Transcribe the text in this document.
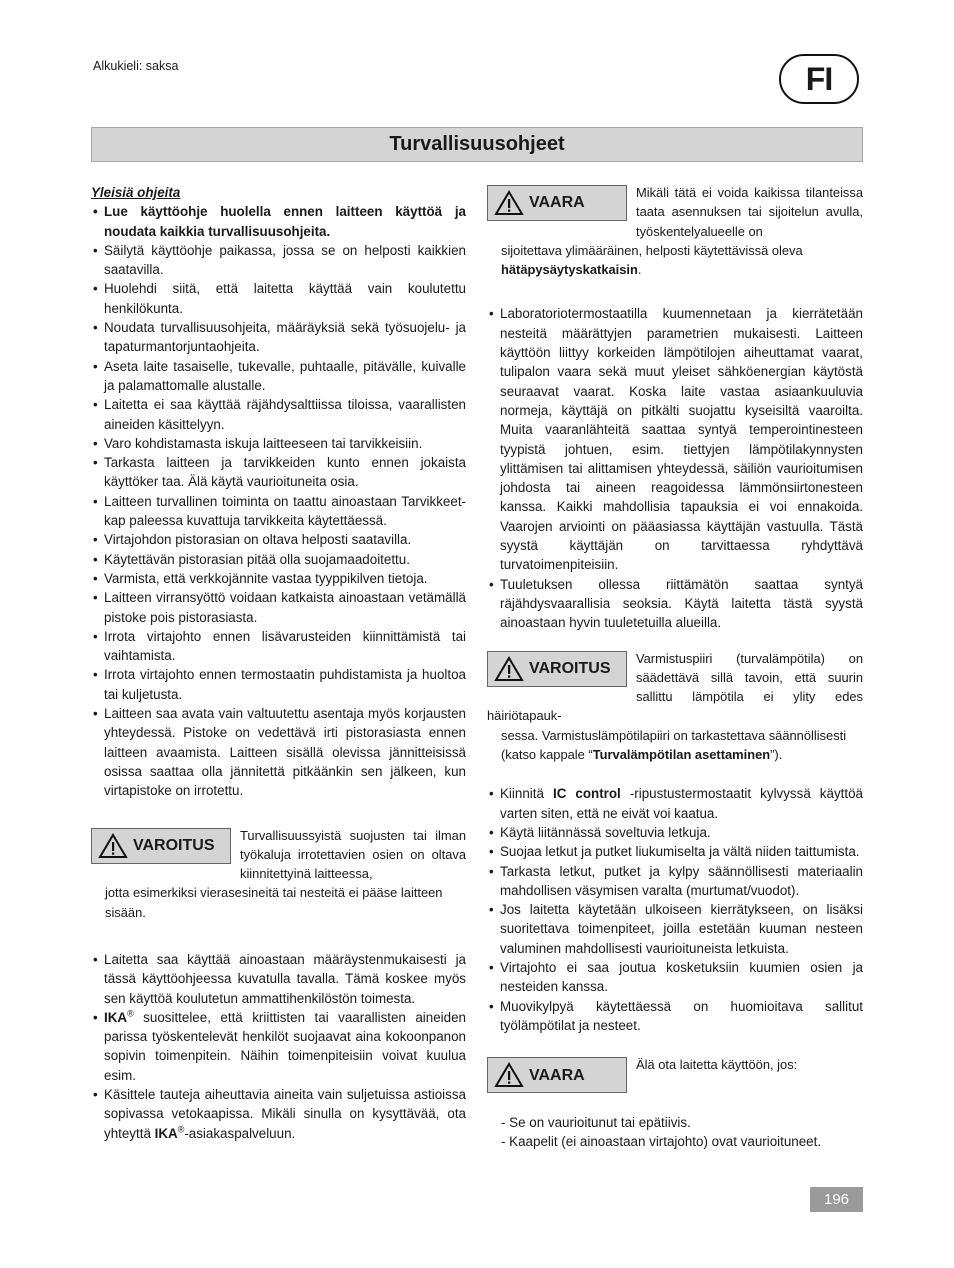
Alkukieli: saksa	FI
Turvallisuusohjeet
Yleisiä ohjeita
• Lue käyttöohje huolella ennen laitteen käyttöä ja noudata kaikkia turvallisuusohjeita.
• Säilytä käyttöohje paikassa, jossa se on helposti kaikkien saatavilla.
• Huolehdi siitä, että laitetta käyttää vain koulutettu henkilökunta.
• Noudata turvallisuusohjeita, määräyksiä sekä työsuojelu- ja tapaturmantorjuntaohjeita.
• Aseta laite tasaiselle, tukevalle, puhtaalle, pitävälle, kuivalle ja palamattomalle alustalle.
• Laitetta ei saa käyttää räjähdysalttiissa tiloissa, vaarallisten aineiden käsittelyyn.
• Varo kohdistamasta iskuja laitteeseen tai tarvikkeisiin.
• Tarkasta laitteen ja tarvikkeiden kunto ennen jokaista käyttöker taa. Älä käytä vaurioituneita osia.
• Laitteen turvallinen toiminta on taattu ainoastaan Tarvikkeet-kap paleessa kuvattuja tarvikkeita käytettäessä.
• Virtajohdon pistorasian on oltava helposti saatavilla.
• Käytettävän pistorasian pitää olla suojamaadoitettu.
• Varmista, että verkkojännite vastaa tyyppikilven tietoja.
• Laitteen virransyöttö voidaan katkaista ainoastaan vetämällä pistoke pois pistorasiasta.
• Irrota virtajohto ennen lisävarusteiden kiinnittämistä tai vaihtamista.
• Irrota virtajohto ennen termostaatin puhdistamista ja huoltoa tai kuljetusta.
• Laitteen saa avata vain valtuutettu asentaja myös korjausten yhteydessä. Pistoke on vedettävä irti pistorasiasta ennen laitteen avaamista. Laitteen sisällä olevissa jännitteisissä osissa saattaa olla jännitettä pitkäänkin sen jälkeen, kun virtapistoke on irrotettu.
VAROITUS
Turvallisuussyistä suojusten tai ilman työkaluja irrotettavien osien on oltava kiinnitettyinä laitteessa,
jotta esimerkiksi vierasesineitä tai nesteitä ei pääse laitteen sisään.
• Laitetta saa käyttää ainoastaan määräystenmukaisesti ja tässä käyttöohjeessa kuvatulla tavalla. Tämä koskee myös sen käyttöä koulutetun ammattihenkilöstön toimesta.
• IKA® suosittelee, että kriittisten tai vaarallisten aineiden parissa työskentelevät henkilöt suojaavat aina kokoonpanon sopivin toimenpitein. Näihin toimenpiteisiin voivat kuulua esim.
• Käsittele tauteja aiheuttavia aineita vain suljetuissa astioissa sopivassa vetokaapissa. Mikäli sinulla on kysyttävää, ota yhteyttä IKA®-asiakaspalveluun.
VAARA
Mikäli tätä ei voida kaikissa tilanteissa taata asennuksen tai sijoitelun avulla, työskentelyalueelle on
sijoitettava ylimääräinen, helposti käytettävissä oleva hätäpysäytyskatkaisin.
• Laboratoriotermostaatilla kuumennetaan ja kierrätetään nesteitä määrättyjen parametrien mukaisesti. Laitteen käyttöön liittyy korkeiden lämpötilojen aiheuttamat vaarat, tulipalon vaara sekä muut yleiset sähköenergian käytöstä seuraavat vaarat. Koska laite vastaa asiaankuuluvia normeja, käyttäjä on pitkälti suojattu kyseisiltä vaaroilta. Muita vaaranlähteitä saattaa syntyä temperointinesteen tyypistä johtuen, esim. tiettyjen lämpötilakynnysten ylittämisen tai alittamisen yhteydessä, säiliön vaurioitumisen johdosta tai aineen reagoidessa lämmönsiirtonesteen kanssa. Kaikki mahdollisia tapauksia ei voi ennakoida. Vaarojen arviointi on pääasiassa käyttäjän vastuulla. Tästä syystä käyttäjän on tarvittaessa ryhdyttävä turvatoimenpiteisiin.
• Tuuletuksen ollessa riittämätön saattaa syntyä räjähdysvaarallisia seoksia. Käytä laitetta tästä syystä ainoastaan hyvin tuuletetuilla alueilla.
VAROITUS
Varmistuspiiri (turvalämpötila) on säädettävä sillä tavoin, että suurin sallittu lämpötila ei ylity edes häiriötapauk-
sessa. Varmistuslämpötilapiiri on tarkastettava säännöllisesti (katso kappale “Turvalämpötilan asettaminen”).
• Kiinnitä IC control -ripustustermostaatit kylvyssä käyttöä varten siten, että ne eivät voi kaatua.
• Käytä liitännässä soveltuvia letkuja.
• Suojaa letkut ja putket liukumiselta ja vältä niiden taittumista.
• Tarkasta letkut, putket ja kylpy säännöllisesti materiaalin mahdollisen väsymisen varalta (murtumat/vuodot).
• Jos laitetta käytetään ulkoiseen kierrätykseen, on lisäksi suoritettava toimenpiteet, joilla estetään kuuman nesteen valuminen mahdollisesti vaurioituneista letkuista.
• Virtajohto ei saa joutua kosketuksiin kuumien osien ja nesteiden kanssa.
• Muovikylpyä käytettäessä on huomioitava sallitut työlämpötilat ja nesteet.
VAARA
Älä ota laitetta käyttöön, jos:
- Se on vaurioitunut tai epätiivis.
- Kaapelit (ei ainoastaan virtajohto) ovat vaurioituneet.
196
